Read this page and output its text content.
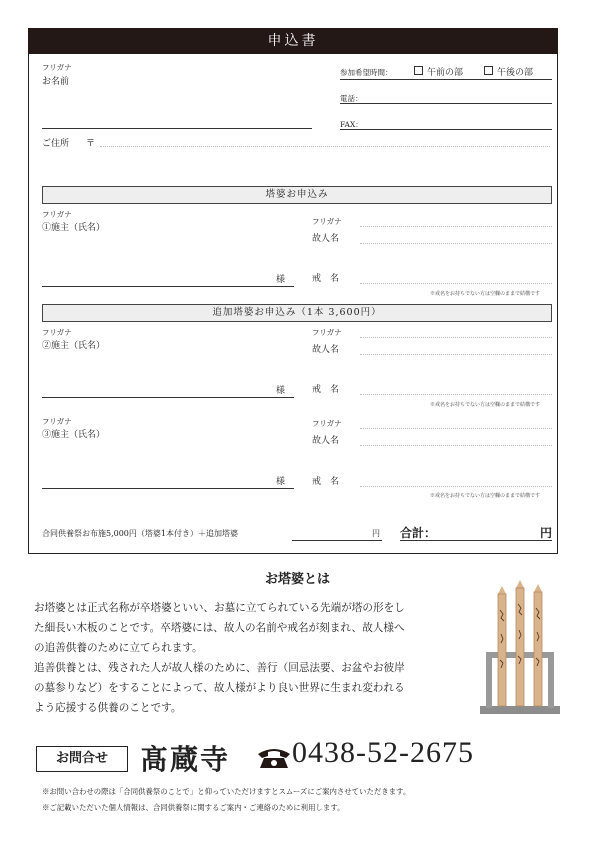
申込書
フリガナ
お名前
参加希望時間：	午前の部	午後の部
電話：
FAX：
ご住所 〒
塔婆お申込み
フリガナ
①施主（氏名）
様
フリガナ
故人名
戒　名
※戒名をお持ちでない方は空欄のままで結構です
追加塔婆お申込み（1本 3,600円）
フリガナ
②施主（氏名）
様
フリガナ
故人名
戒　名
※戒名をお持ちでない方は空欄のままで結構です
フリガナ
③施主（氏名）
様
フリガナ
故人名
戒　名
※戒名をお持ちでない方は空欄のままで結構です
合同供養祭お布施5,000円（塔婆1本付き）＋追加塔婆	円 合計：	円
お塔婆とは
お塔婆とは正式名称が卒塔婆といい、お墓に立てられている先端が塔の形をし
た細長い木板のことです。卒塔婆には、故人の名前や戒名が刻まれ、故人様へ
の追善供養のために立てられます。
追善供養とは、残された人が故人様のために、善行（回忌法要、お盆やお彼岸
の墓参りなど）をすることによって、故人様がより良い世界に生まれ変われる
よう応援する供養のことです。
お問合せ	髙蔵寺 0438-52-2675
※お問い合わせの際は「合同供養祭のことで」と仰っていただけますとスムーズにご案内させていただきます。
※ご記載いただいた個人情報は、合同供養祭に関するご案内・ご連絡のために利用します。
